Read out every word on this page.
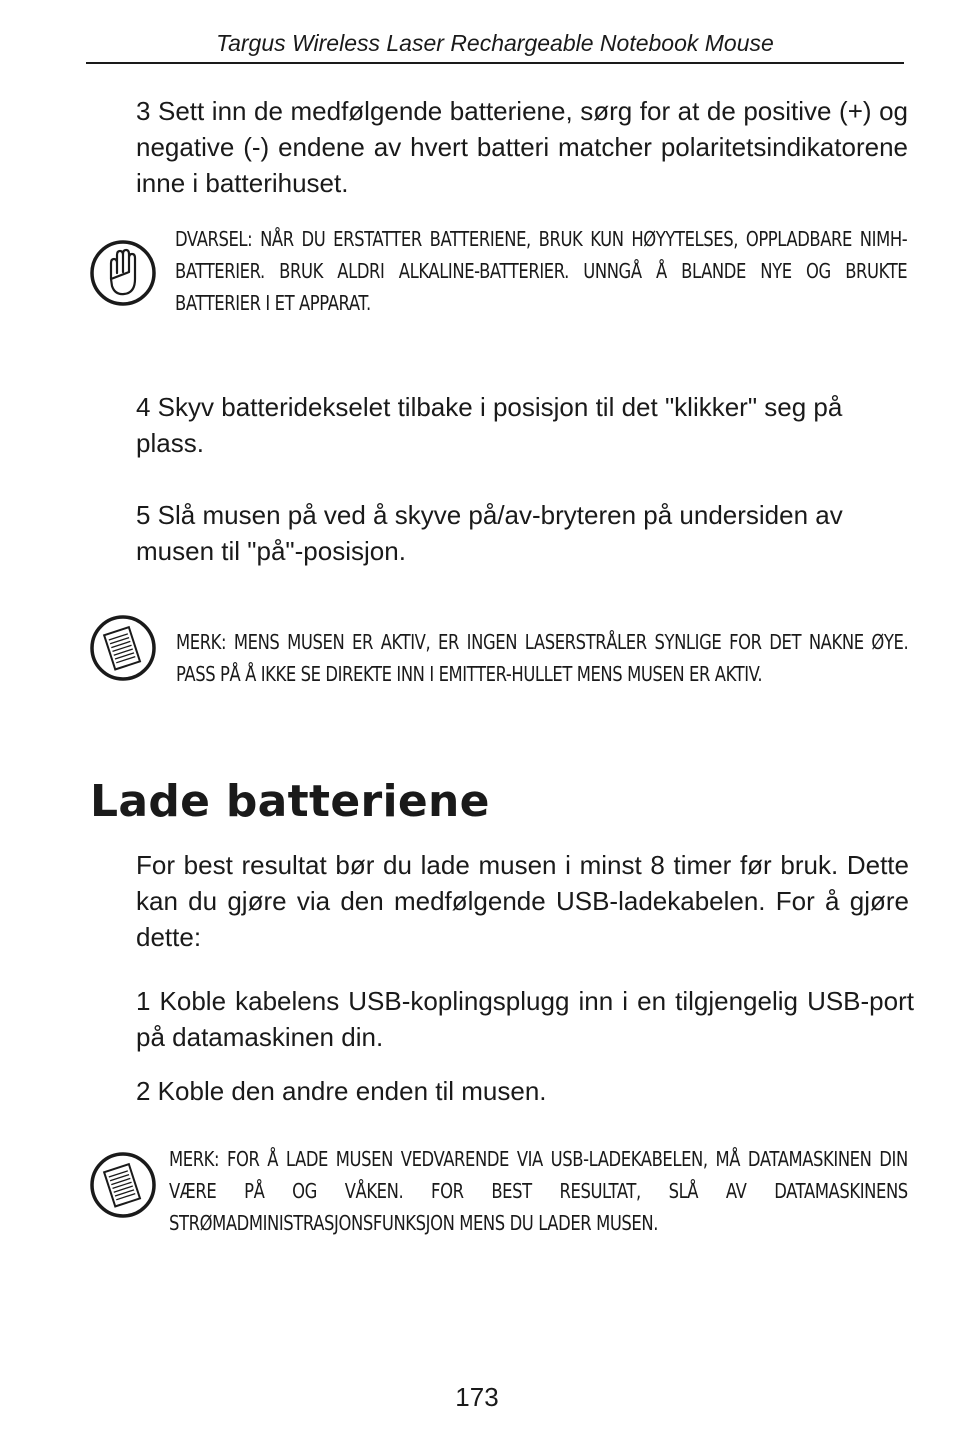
Targus Wireless Laser Rechargeable Notebook Mouse

3 Sett inn de medfølgende batteriene, sørg for at de positive (+) og negative (-) endene av hvert batteri matcher polaritetsindikatorene inne i batterihuset.

DVARSEL: NÅR DU ERSTATTER BATTERIENE, BRUK KUN HØYYTELSES, OPPLADBARE NIMH-BATTERIER. BRUK ALDRI ALKALINE-BATTERIER. UNNGÅ Å BLANDE NYE OG BRUKTE BATTERIER I ET APPARAT.

4 Skyv batteridekselet tilbake i posisjon til det "klikker" seg på plass.

5 Slå musen på ved å skyve på/av-bryteren på undersiden av musen til "på"-posisjon.

MERK: MENS MUSEN ER AKTIV, ER INGEN LASERSTRÅLER SYNLIGE FOR DET NAKNE ØYE. PASS PÅ Å IKKE SE DIREKTE INN I EMITTER-HULLET MENS MUSEN ER AKTIV.

Lade batteriene

For best resultat bør du lade musen i minst 8 timer før bruk. Dette kan du gjøre via den medfølgende USB-ladekabelen. For å gjøre dette:

1 Koble kabelens USB-koplingsplugg inn i en tilgjengelig USB-port på datamaskinen din.

2 Koble den andre enden til musen.

MERK: FOR Å LADE MUSEN VEDVARENDE VIA USB-LADEKABELEN, MÅ DATAMASKINEN DIN VÆRE PÅ OG VÅKEN. FOR BEST RESULTAT, SLÅ AV DATAMASKINENS STRØMADMINISTRASJONSFUNKSJON MENS DU LADER MUSEN.

173
